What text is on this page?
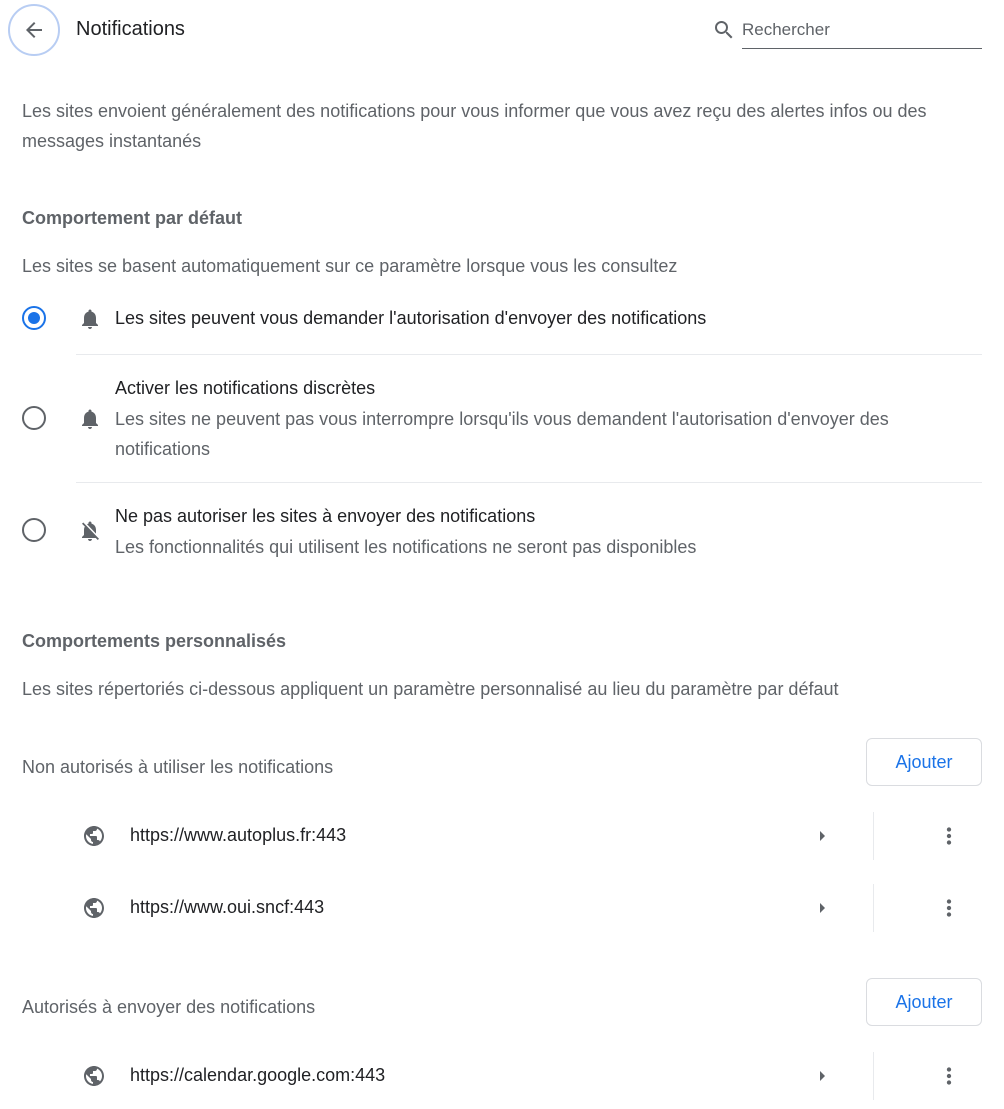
Notifications
Rechercher
Les sites envoient généralement des notifications pour vous informer que vous avez reçu des alertes infos ou des messages instantanés
Comportement par défaut
Les sites se basent automatiquement sur ce paramètre lorsque vous les consultez
Les sites peuvent vous demander l'autorisation d'envoyer des notifications
Activer les notifications discrètes
Les sites ne peuvent pas vous interrompre lorsqu'ils vous demandent l'autorisation d'envoyer des notifications
Ne pas autoriser les sites à envoyer des notifications
Les fonctionnalités qui utilisent les notifications ne seront pas disponibles
Comportements personnalisés
Les sites répertoriés ci-dessous appliquent un paramètre personnalisé au lieu du paramètre par défaut
Non autorisés à utiliser les notifications	Ajouter
https://www.autoplus.fr:443
https://www.oui.sncf:443
Autorisés à envoyer des notifications	Ajouter
https://calendar.google.com:443
